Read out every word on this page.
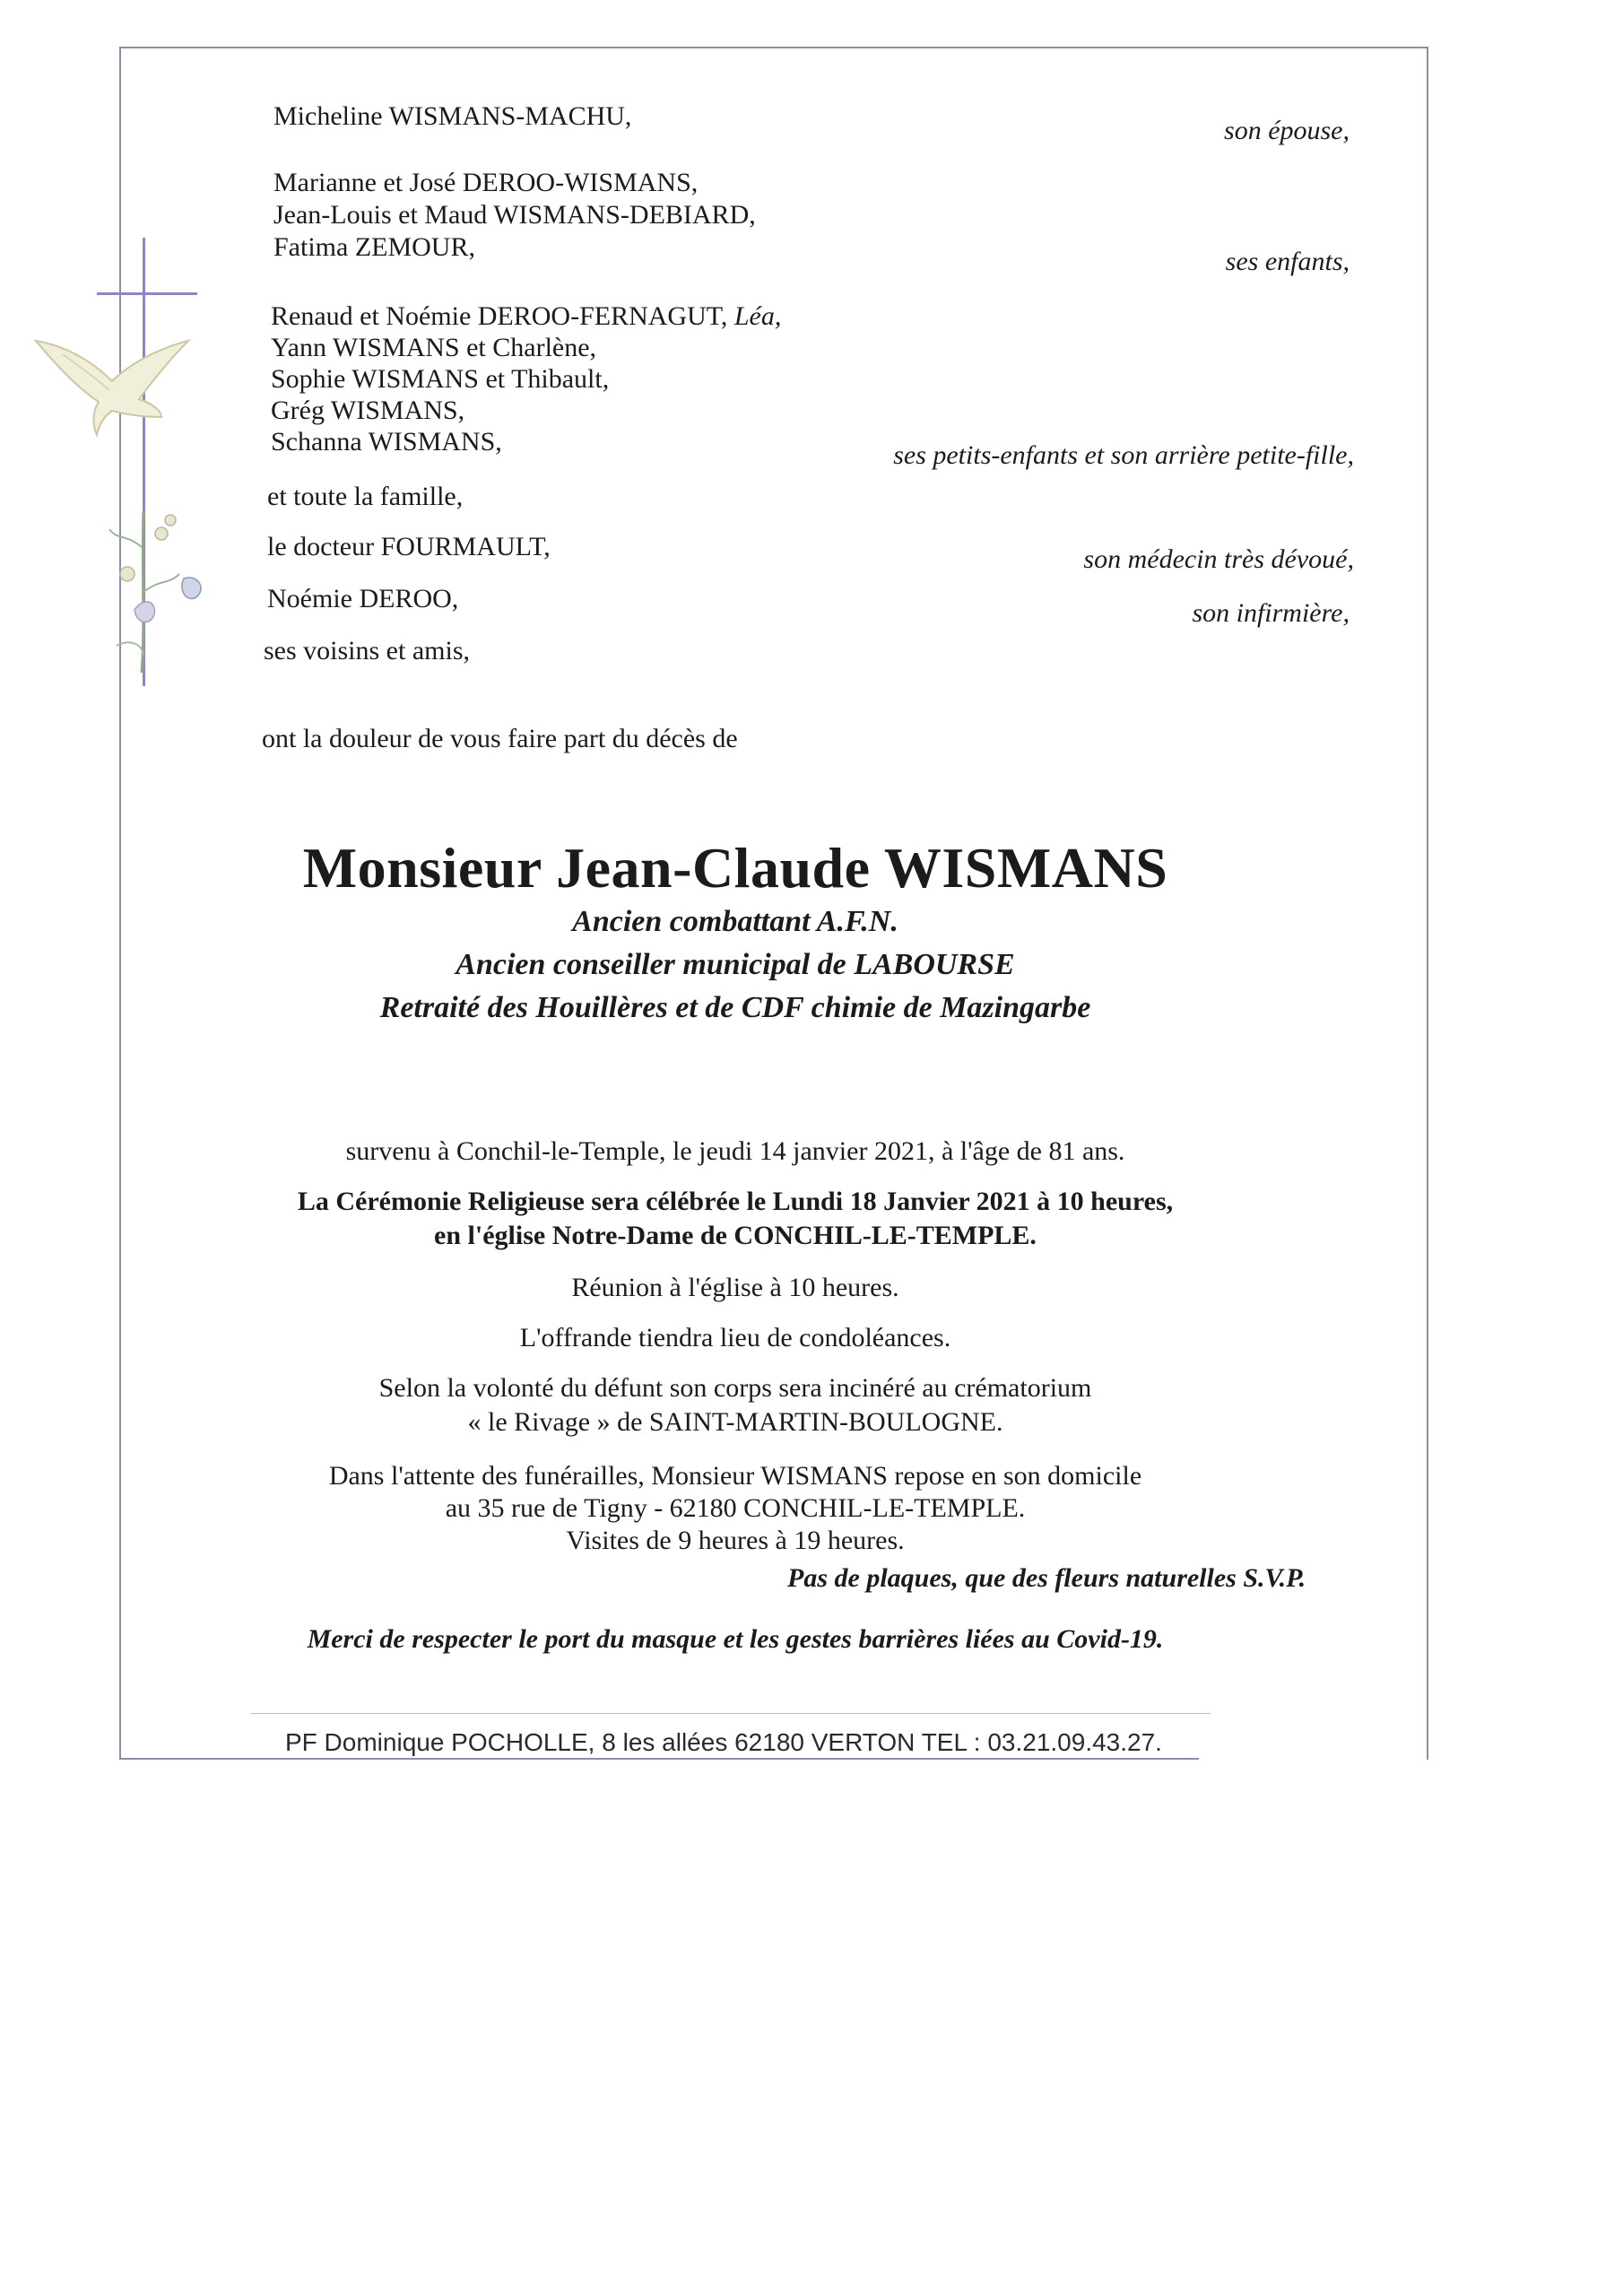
Micheline WISMANS-MACHU,	son épouse,
Marianne et José DEROO-WISMANS,
Jean-Louis et Maud WISMANS-DEBIARD,
Fatima ZEMOUR,	ses enfants,
Renaud et Noémie DEROO-FERNAGUT, Léa,
Yann WISMANS et Charlène,
Sophie WISMANS et Thibault,
Grég WISMANS,
Schanna WISMANS,	ses petits-enfants et son arrière petite-fille,
et toute la famille,
le docteur FOURMAULT,	son médecin très dévoué,
Noémie DEROO,	son infirmière,
ses voisins et amis,
ont la douleur de vous faire part du décès de
Monsieur Jean-Claude WISMANS
Ancien combattant A.F.N.
Ancien conseiller municipal de LABOURSE
Retraité des Houillères et de CDF chimie de Mazingarbe
survenu à Conchil-le-Temple, le jeudi 14 janvier 2021, à l'âge de 81 ans.
La Cérémonie Religieuse sera célébrée le Lundi 18 Janvier 2021 à 10 heures,
en l'église Notre-Dame de CONCHIL-LE-TEMPLE.
Réunion à l'église à 10 heures.
L'offrande tiendra lieu de condoléances.
Selon la volonté du défunt son corps sera incinéré au crématorium
« le Rivage » de SAINT-MARTIN-BOULOGNE.
Dans l'attente des funérailles, Monsieur WISMANS repose en son domicile
au 35 rue de Tigny - 62180 CONCHIL-LE-TEMPLE.
Visites de 9 heures à 19 heures.
Pas de plaques, que des fleurs naturelles S.V.P.
Merci de respecter le port du masque et les gestes barrières liées au Covid-19.
PF Dominique POCHOLLE, 8 les allées 62180 VERTON TEL : 03.21.09.43.27.
